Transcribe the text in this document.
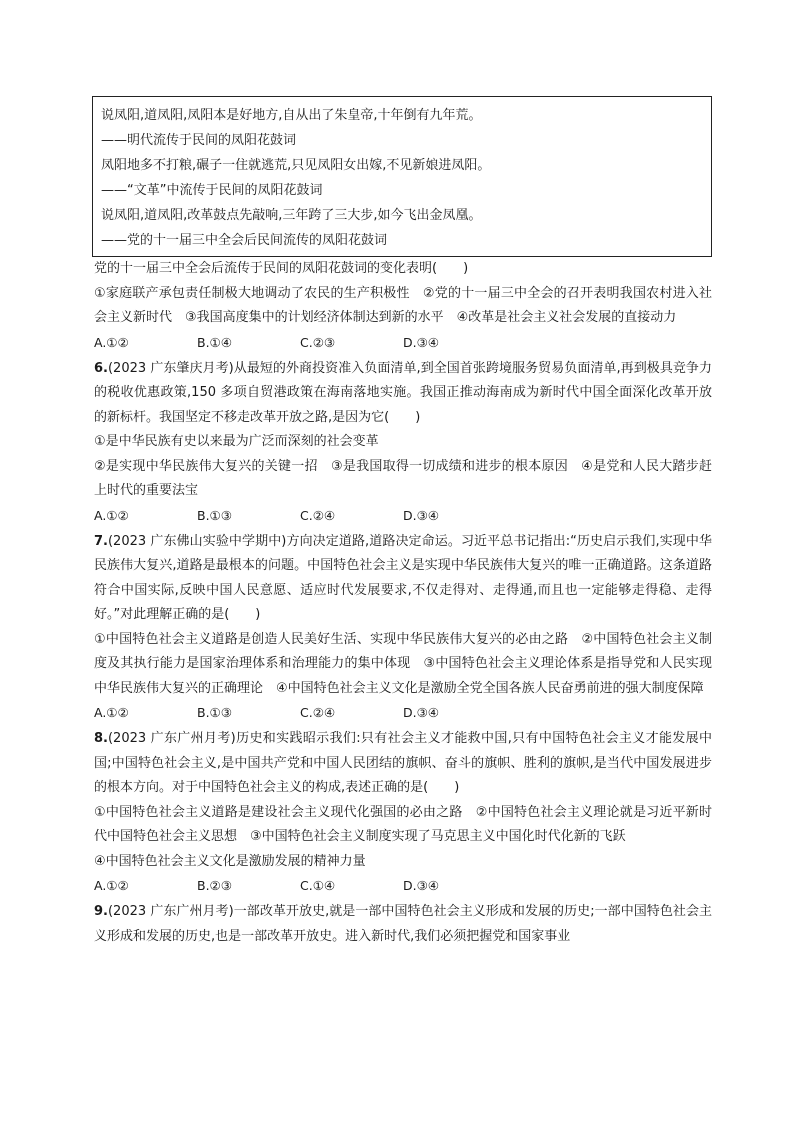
说凤阳,道凤阳,凤阳本是好地方,自从出了朱皇帝,十年倒有九年荒。
——明代流传于民间的凤阳花鼓词
凤阳地多不打粮,碾子一住就逃荒,只见凤阳女出嫁,不见新娘进凤阳。
——“文革”中流传于民间的凤阳花鼓词
说凤阳,道凤阳,改革鼓点先敲响,三年跨了三大步,如今飞出金凤凰。
——党的十一届三中全会后民间流传的凤阳花鼓词
党的十一届三中全会后流传于民间的凤阳花鼓词的变化表明(　　)
①家庭联产承包责任制极大地调动了农民的生产积极性　②党的十一届三中全会的召开表明我国农村进入社会主义新时代　③我国高度集中的计划经济体制达到新的水平　④改革是社会主义社会发展的直接动力
A.①②	B.①④	C.②③	D.③④
6.(2023 广东肇庆月考)从最短的外商投资准入负面清单,到全国首张跨境服务贸易负面清单,再到极具竞争力的税收优惠政策,150 多项自贸港政策在海南落地实施。我国正推动海南成为新时代中国全面深化改革开放的新标杆。我国坚定不移走改革开放之路,是因为它(　　)
①是中华民族有史以来最为广泛而深刻的社会变革
②是实现中华民族伟大复兴的关键一招　③是我国取得一切成绩和进步的根本原因　④是党和人民大踏步赶上时代的重要法宝
A.①②	B.①③	C.②④	D.③④
7.(2023 广东佛山实验中学期中)方向决定道路,道路决定命运。习近平总书记指出:“历史启示我们,实现中华民族伟大复兴,道路是最根本的问题。中国特色社会主义是实现中华民族伟大复兴的唯一正确道路。这条道路符合中国实际,反映中国人民意愿、适应时代发展要求,不仅走得对、走得通,而且也一定能够走得稳、走得好。”对此理解正确的是(　　)
①中国特色社会主义道路是创造人民美好生活、实现中华民族伟大复兴的必由之路　②中国特色社会主义制度及其执行能力是国家治理体系和治理能力的集中体现　③中国特色社会主义理论体系是指导党和人民实现中华民族伟大复兴的正确理论　④中国特色社会主义文化是激励全党全国各族人民奋勇前进的强大制度保障
A.①②	B.①③	C.②④	D.③④
8.(2023 广东广州月考)历史和实践昭示我们:只有社会主义才能救中国,只有中国特色社会主义才能发展中国;中国特色社会主义,是中国共产党和中国人民团结的旗帜、奋斗的旗帜、胜利的旗帜,是当代中国发展进步的根本方向。对于中国特色社会主义的构成,表述正确的是(　　)
①中国特色社会主义道路是建设社会主义现代化强国的必由之路　②中国特色社会主义理论就是习近平新时代中国特色社会主义思想　③中国特色社会主义制度实现了马克思主义中国化时代化新的飞跃
④中国特色社会主义文化是激励发展的精神力量
A.①②	B.②③	C.①④	D.③④
9.(2023 广东广州月考)一部改革开放史,就是一部中国特色社会主义形成和发展的历史;一部中国特色社会主义形成和发展的历史,也是一部改革开放史。进入新时代,我们必须把握党和国家事业
